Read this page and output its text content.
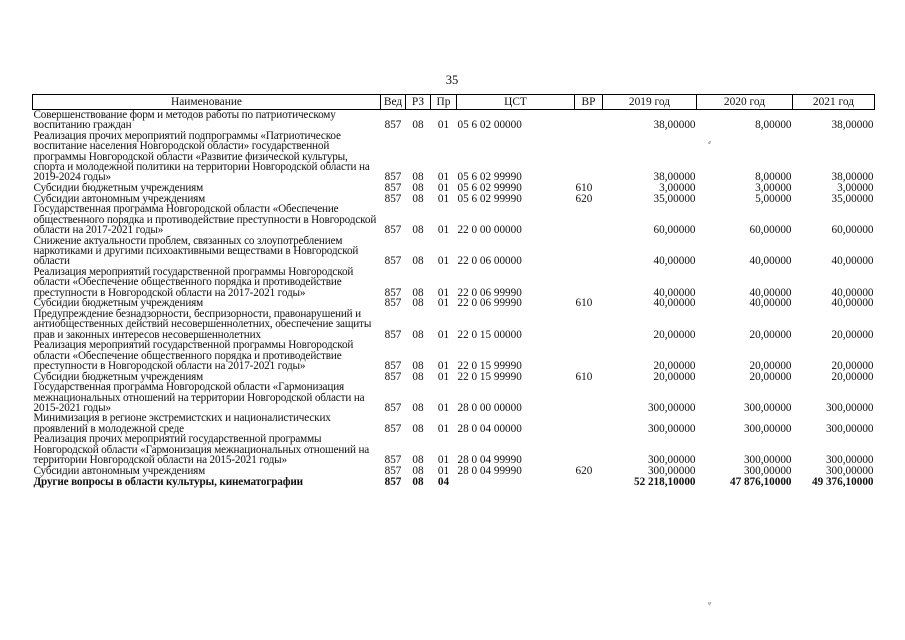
35
Наименование	Вед	РЗ	Пр	ЦСТ	ВР	2019 год	2020 год	2021 год
Совершенствование форм и методов работы по патриотическому воспитанию граждан	857	08	01	05 6 02 00000		38,00000	8,00000	38,00000
Реализация прочих мероприятий подпрограммы «Патриотическое воспитание населения Новгородской области» государственной программы Новгородской области «Развитие физической культуры, спорта и молодежной политики на территории Новгородской области на 2019-2024 годы»	857	08	01	05 6 02 99990		38,00000	8,00000	38,00000
Субсидии бюджетным учреждениям	857	08	01	05 6 02 99990	610	3,00000	3,00000	3,00000
Субсидии автономным учреждениям	857	08	01	05 6 02 99990	620	35,00000	5,00000	35,00000
Государственная программа Новгородской области «Обеспечение общественного порядка и противодействие преступности в Новгородской области на 2017-2021 годы»	857	08	01	22 0 00 00000		60,00000	60,00000	60,00000
Снижение актуальности проблем, связанных со злоупотреблением наркотиками и другими психоактивными веществами в Новгородской области	857	08	01	22 0 06 00000		40,00000	40,00000	40,00000
Реализация мероприятий государственной программы Новгородской области «Обеспечение общественного порядка и противодействие преступности в Новгородской области на 2017-2021 годы»	857	08	01	22 0 06 99990		40,00000	40,00000	40,00000
Субсидии бюджетным учреждениям	857	08	01	22 0 06 99990	610	40,00000	40,00000	40,00000
Предупреждение безнадзорности, беспризорности, правонарушений и антиобщественных действий несовершеннолетних, обеспечение защиты прав и законных интересов несовершеннолетних	857	08	01	22 0 15 00000		20,00000	20,00000	20,00000
Реализация мероприятий государственной программы Новгородской области «Обеспечение общественного порядка и противодействие преступности в Новгородской области на 2017-2021 годы»	857	08	01	22 0 15 99990		20,00000	20,00000	20,00000
Субсидии бюджетным учреждениям	857	08	01	22 0 15 99990	610	20,00000	20,00000	20,00000
Государственная программа Новгородской области «Гармонизация межнациональных отношений на территории Новгородской области на 2015-2021 годы»	857	08	01	28 0 00 00000		300,00000	300,00000	300,00000
Минимизация в регионе экстремистских и националистических проявлений в молодежной среде	857	08	01	28 0 04 00000		300,00000	300,00000	300,00000
Реализация прочих мероприятий государственной программы Новгородской области «Гармонизация межнациональных отношений на территории Новгородской области на 2015-2021 годы»	857	08	01	28 0 04 99990		300,00000	300,00000	300,00000
Субсидии автономным учреждениям	857	08	01	28 0 04 99990	620	300,00000	300,00000	300,00000
Другие вопросы в области культуры, кинематографии	857	08	04			52 218,10000	47 876,10000	49 376,10000
⸗
ᵠ
